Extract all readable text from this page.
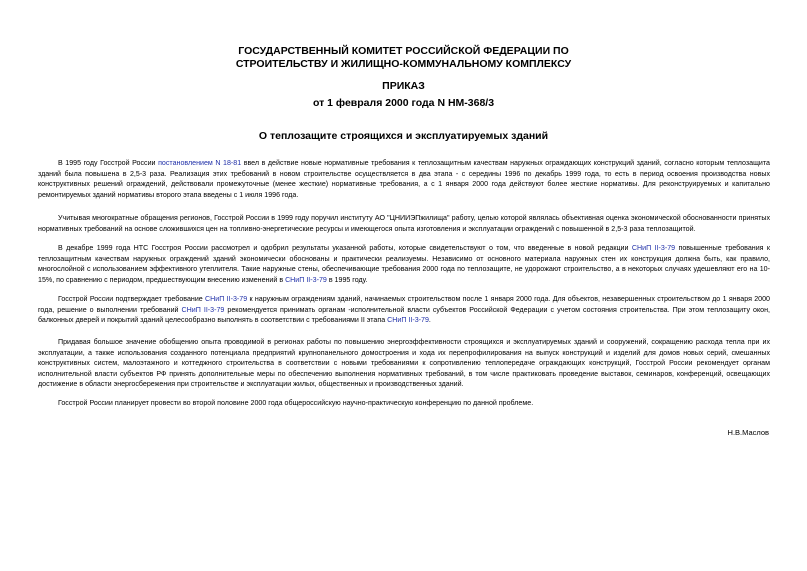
ГОСУДАРСТВЕННЫЙ КОМИТЕТ РОССИЙСКОЙ ФЕДЕРАЦИИ ПО
СТРОИТЕЛЬСТВУ И ЖИЛИЩНО-КОММУНАЛЬНОМУ КОМПЛЕКСУ
ПРИКАЗ
от 1 февраля 2000 года N НМ-368/3
О теплозащите строящихся и эксплуатируемых зданий

В 1995 году Госстрой России постановлением N 18-81 ввел в действие новые нормативные требования к теплозащитным качествам наружных ограждающих конструкций зданий, согласно которым теплозащита зданий была повышена в 2,5-3 раза. Реализация этих требований в новом строительстве осуществляется в два этапа - с середины 1996 по декабрь 1999 года, то есть в период освоения производства новых конструктивных решений ограждений, действовали промежуточные (менее жесткие) нормативные требования, а с 1 января 2000 года действуют более жесткие нормативы. Для реконструируемых и капитально ремонтируемых зданий нормативы второго этапа введены с 1 июля 1996 года.

Учитывая многократные обращения регионов, Госстрой России в 1999 году поручил институту АО "ЦНИИЭПжилища" работу, целью которой являлась объективная оценка экономической обоснованности принятых нормативных требований на основе сложившихся цен на топливно-энергетические ресурсы и имеющегося опыта изготовления и эксплуатации ограждений с повышенной в 2,5-3 раза теплозащитой.

В декабре 1999 года НТС Госстроя России рассмотрел и одобрил результаты указанной работы, которые свидетельствуют о том, что введенные в новой редакции СНиП II-3-79 повышенные требования к теплозащитным качествам наружных ограждений зданий экономически обоснованы и практически реализуемы. Независимо от основного материала наружных стен их конструкция должна быть, как правило, многослойной с использованием эффективного утеплителя. Такие наружные стены, обеспечивающие требования 2000 года по теплозащите, не удорожают строительство, а в некоторых случаях удешевляют его на 10-15%, по сравнению с периодом, предшествующим внесению изменений в СНиП II-3-79 в 1995 году.

Госстрой России подтверждает требование СНиП II-3-79 к наружным ограждениям зданий, начинаемых строительством после 1 января 2000 года. Для объектов, незавершенных строительством до 1 января 2000 года, решение о выполнении требований СНиП II-3-79 рекомендуется принимать органам -исполнительной власти субъектов Российской Федерации с учетом состояния строительства. При этом теплозащиту окон, балконных дверей и покрытий зданий целесообразно выполнять в соответствии с требованиями II этапа СНиП II-3-79.

Придавая большое значение обобщению опыта проводимой в регионах работы по повышению энергоэффективности строящихся и эксплуатируемых зданий и сооружений, сокращению расхода тепла при их эксплуатации, а также использования созданного потенциала предприятий крупнопанельного домостроения и хода их перепрофилирования на выпуск конструкций и изделий для домов новых серий, смешанных конструктивных систем, малоэтажного и коттеджного строительства в соответствии с новыми требованиями к сопротивлению теплопередаче ограждающих конструкций, Госстрой России рекомендует органам исполнительной власти субъектов РФ принять дополнительные меры по обеспечению выполнения нормативных требований, в том числе практиковать проведение выставок, семинаров, конференций, освещающих достижение в области энергосбережения при строительстве и эксплуатации жилых, общественных и производственных зданий.

Госстрой России планирует провести во второй половине 2000 года общероссийскую научно-практическую конференцию по данной проблеме.

Н.В.Маслов
